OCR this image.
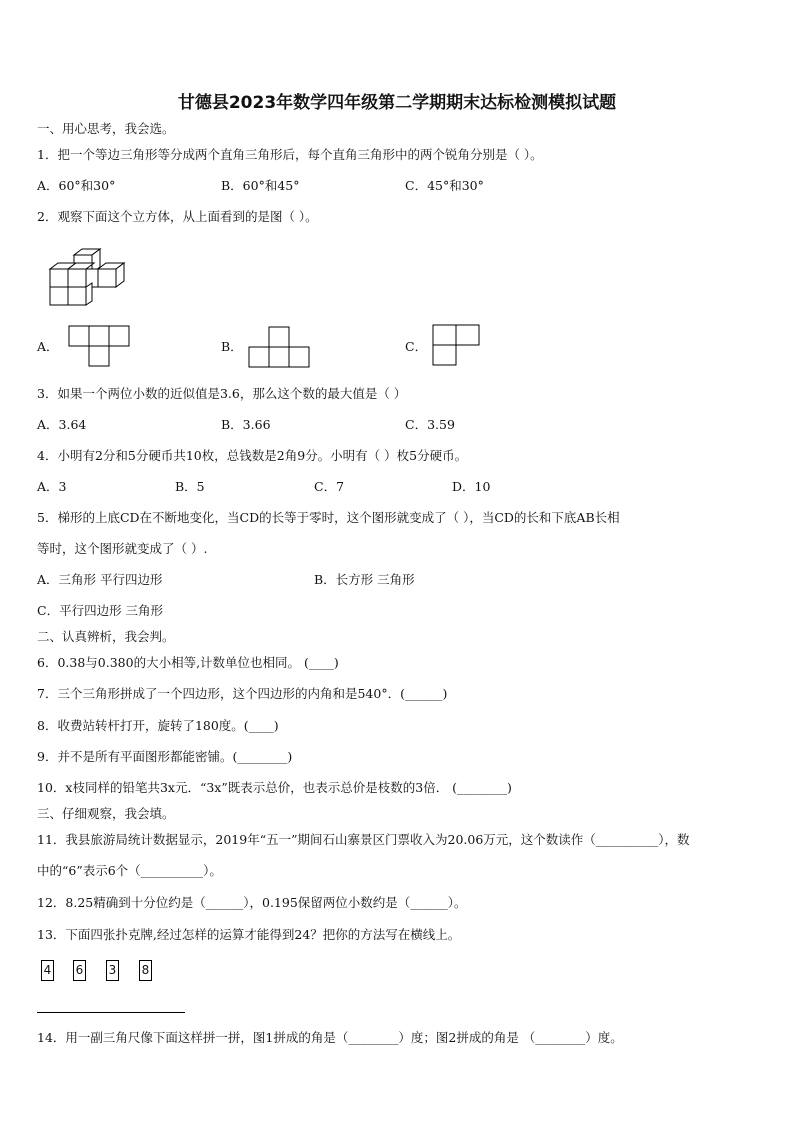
甘德县2023年数学四年级第二学期期末达标检测模拟试题
一、用心思考，我会选。
1．把一个等边三角形等分成两个直角三角形后，每个直角三角形中的两个锐角分别是（ ）。
A．60°和30°	B．60°和45°	C．45°和30°
2．观察下面这个立方体，从上面看到的是图（ ）。
A．	B．	C．
3．如果一个两位小数的近似值是3.6，那么这个数的最大值是（ ）
A．3.64	B．3.66	C．3.59
4．小明有2分和5分硬币共10枚，总钱数是2角9分。小明有（ ）枚5分硬币。
A．3	B．5	C．7	D．10
5．梯形的上底CD在不断地变化，当CD的长等于零时，这个图形就变成了（ ），当CD的长和下底AB长相
等时，这个图形就变成了（ ）.
A．三角形 平行四边形	B．长方形 三角形
C．平行四边形 三角形
二、认真辨析，我会判。
6．0.38与0.380的大小相等,计数单位也相同。 (____)
7．三个三角形拼成了一个四边形，这个四边形的内角和是540°．(______)
8．收费站转杆打开，旋转了180度。(____)
9．并不是所有平面图形都能密铺。(________)
10．x枝同样的铅笔共3x元．“3x”既表示总价，也表示总价是枝数的3倍． (________)
三、仔细观察，我会填。
11．我县旅游局统计数据显示，2019年“五一”期间石山寨景区门票收入为20.06万元，这个数读作（__________），数
中的“6”表示6个（__________）。
12．8.25精确到十分位约是（______），0.195保留两位小数约是（______）。
13．下面四张扑克牌,经过怎样的运算才能得到24？把你的方法写在横线上。
4 6 3 8
14．用一副三角尺像下面这样拼一拼，图1拼成的角是（________）度；图2拼成的角是 （________）度。
